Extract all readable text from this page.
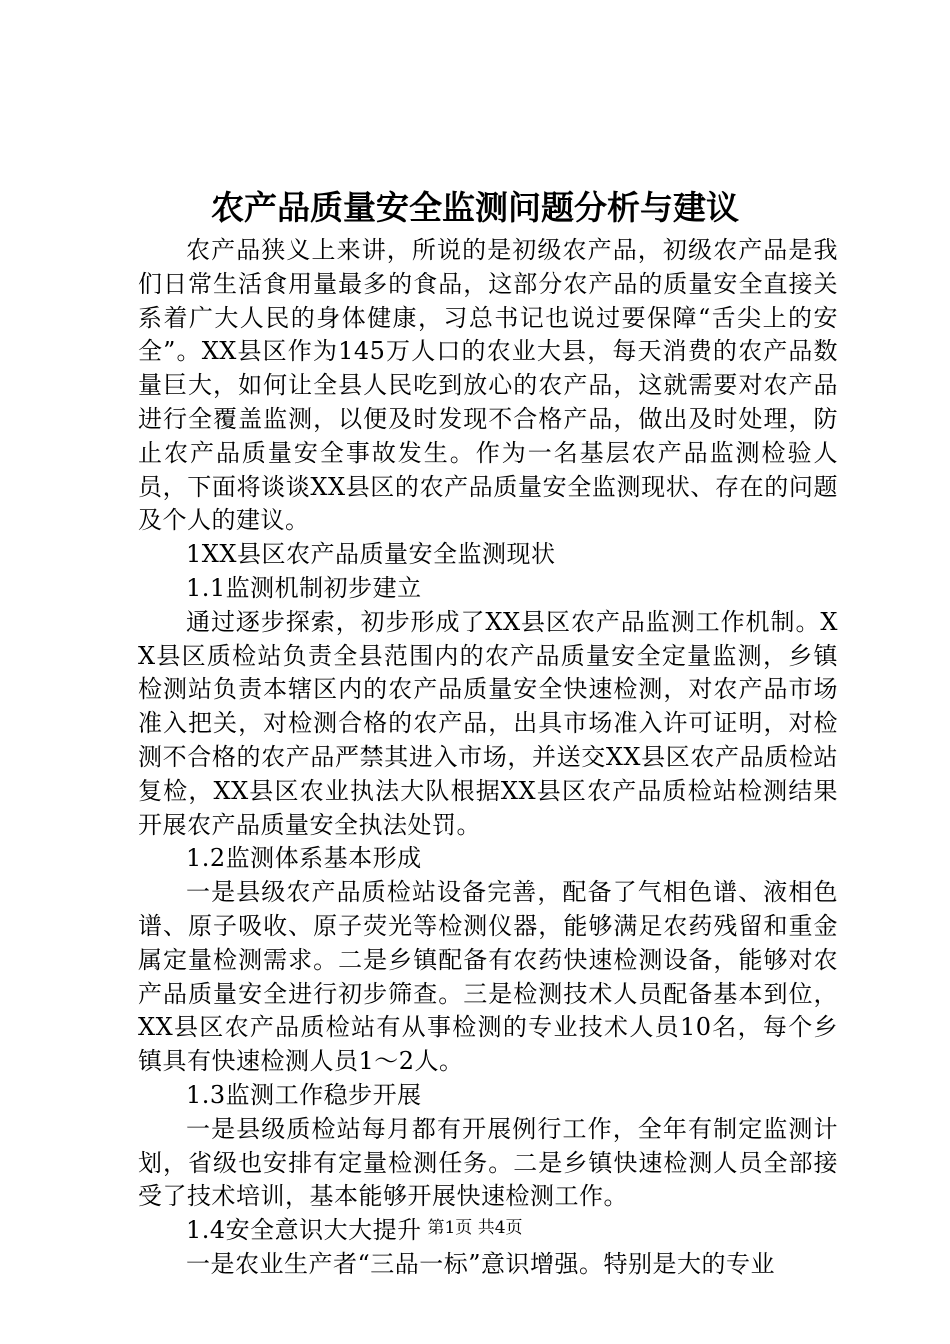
农产品质量安全监测问题分析与建议

农产品狭义上来讲，所说的是初级农产品，初级农产品是我们日常生活食用量最多的食品，这部分农产品的质量安全直接关系着广大人民的身体健康，习总书记也说过要保障“舌尖上的安全”。XX县区作为145万人口的农业大县，每天消费的农产品数量巨大，如何让全县人民吃到放心的农产品，这就需要对农产品进行全覆盖监测，以便及时发现不合格产品，做出及时处理，防止农产品质量安全事故发生。作为一名基层农产品监测检验人员，下面将谈谈XX县区的农产品质量安全监测现状、存在的问题及个人的建议。

1XX县区农产品质量安全监测现状

1.1监测机制初步建立

通过逐步探索，初步形成了XX县区农产品监测工作机制。XX县区质检站负责全县范围内的农产品质量安全定量监测，乡镇检测站负责本辖区内的农产品质量安全快速检测，对农产品市场准入把关，对检测合格的农产品，出具市场准入许可证明，对检测不合格的农产品严禁其进入市场，并送交XX县区农产品质检站复检，XX县区农业执法大队根据XX县区农产品质检站检测结果开展农产品质量安全执法处罚。

1.2监测体系基本形成

一是县级农产品质检站设备完善，配备了气相色谱、液相色谱、原子吸收、原子荧光等检测仪器，能够满足农药残留和重金属定量检测需求。二是乡镇配备有农药快速检测设备，能够对农产品质量安全进行初步筛查。三是检测技术人员配备基本到位，XX县区农产品质检站有从事检测的专业技术人员10名，每个乡镇具有快速检测人员1～2人。

1.3监测工作稳步开展

一是县级质检站每月都有开展例行工作，全年有制定监测计划，省级也安排有定量检测任务。二是乡镇快速检测人员全部接受了技术培训，基本能够开展快速检测工作。

1.4安全意识大大提升

一是农业生产者“三品一标”意识增强。特别是大的专业

第1页 共4页
